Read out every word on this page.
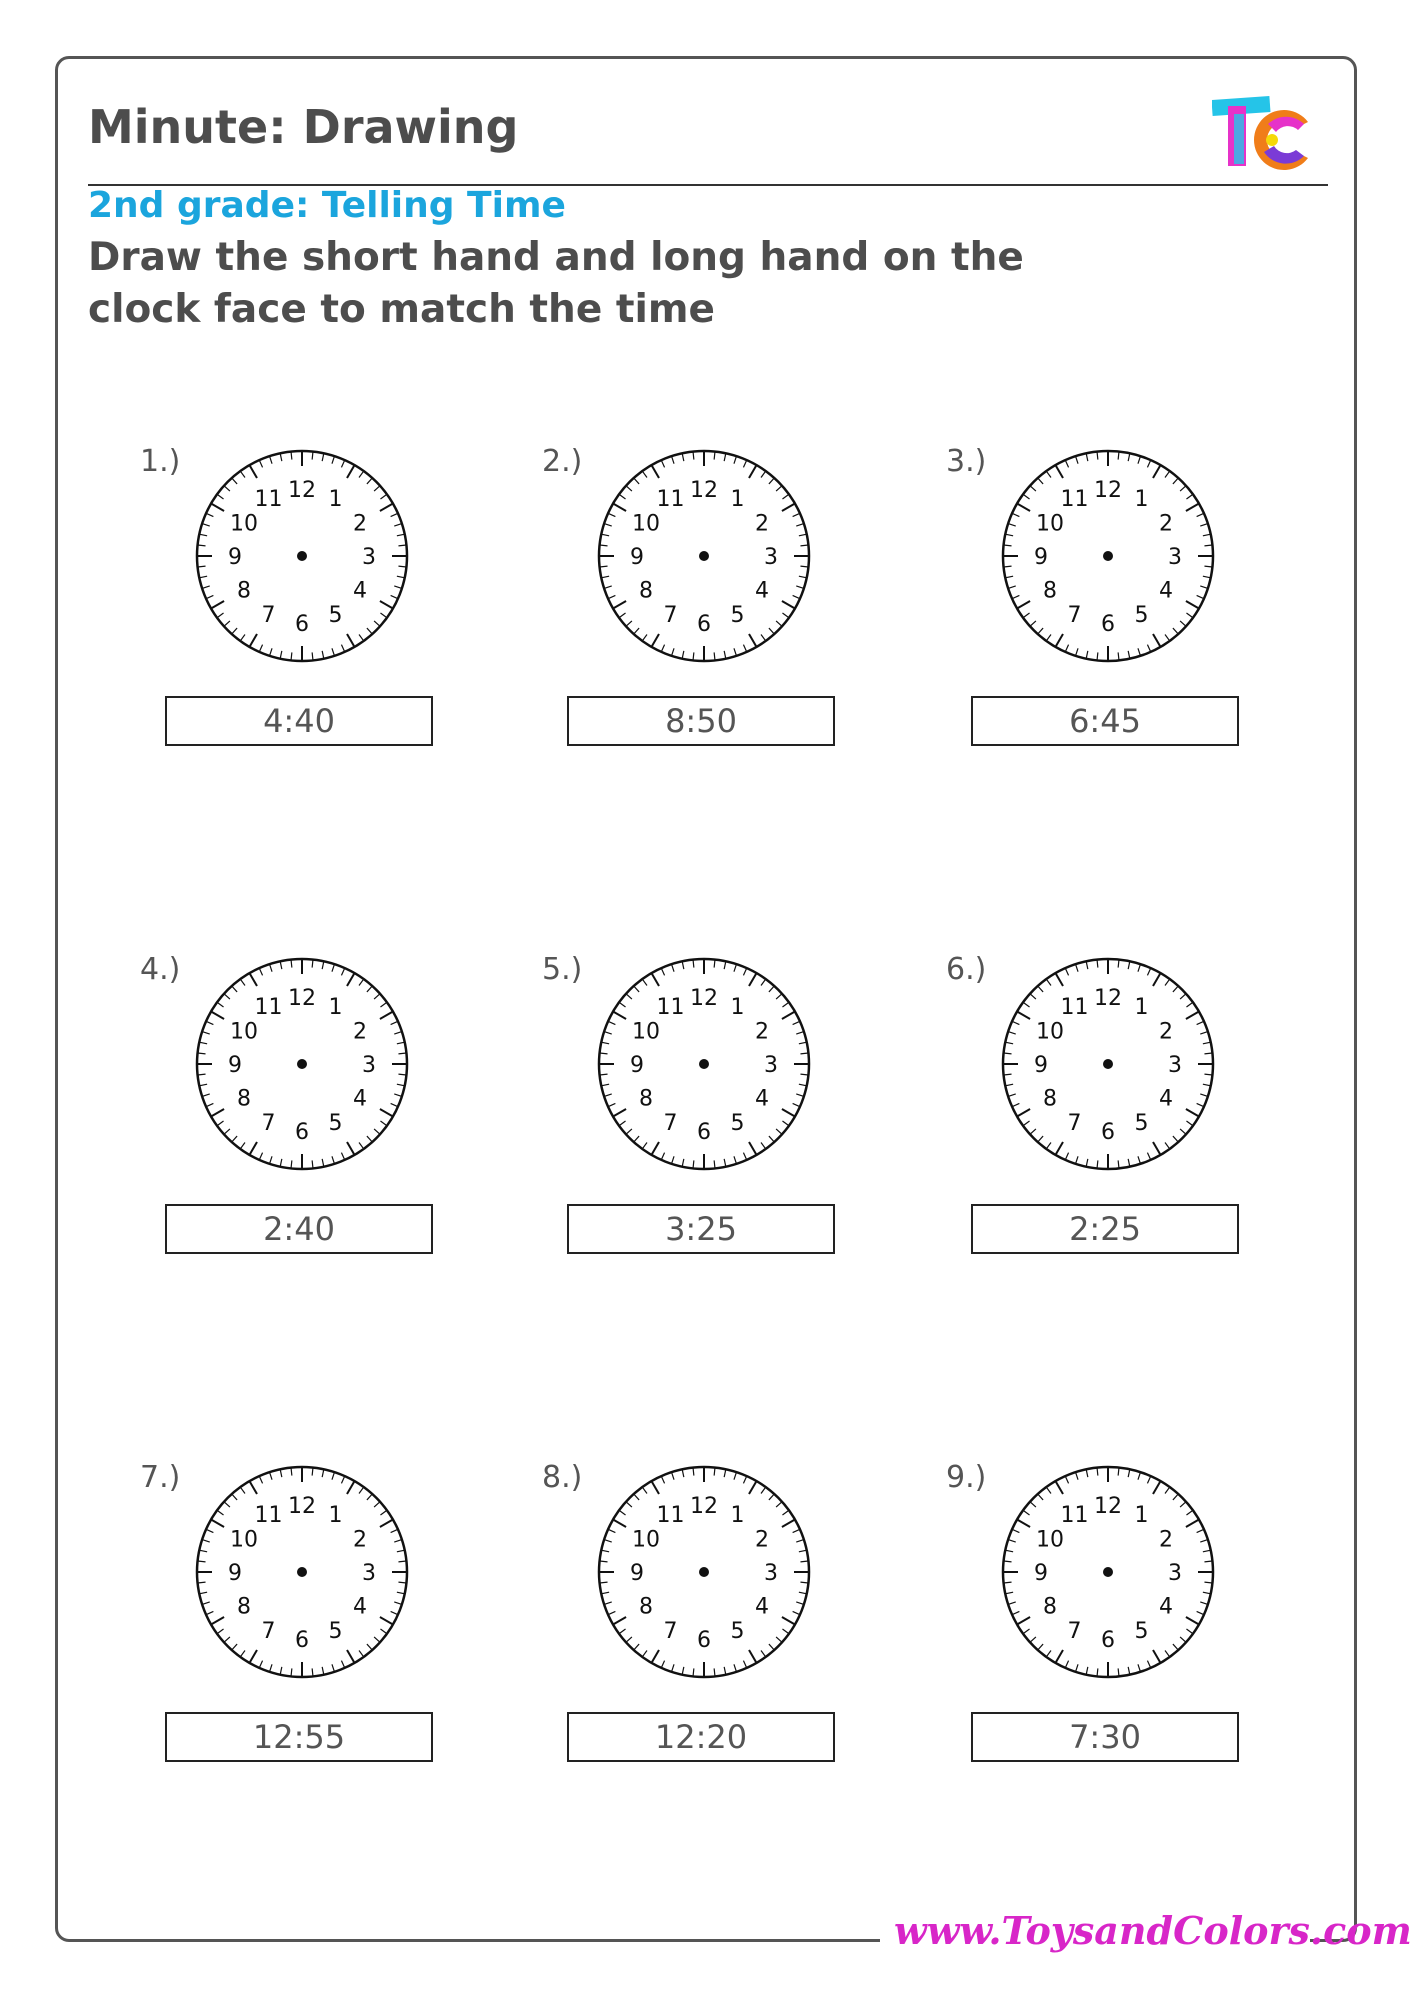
Minute: Drawing
2nd grade: Telling Time

Draw the short hand and long hand on the clock face to match the time

1.)
12 1
2
3
4
5
6
7
8
9
10
11
4:40
2.)
12 1
2
3
4
5
6
7
8
9
10
11
8:50
3.)
12 1
2
3
4
5
6
7
8
9
10
11
6:45
4.)
12 1
2
3
4
5
6
7
8
9
10
11
2:40
5.)
12 1
2
3
4
5
6
7
8
9
10
11
3:25
6.)
12 1
2
3
4
5
6
7
8
9
10
11
2:25
7.)
12 1
2
3
4
5
6
7
8
9
10
11
12:55
8.)
12 1
2
3
4
5
6
7
8
9
10
11
12:20
9.)
12 1
2
3
4
5
6
7
8
9
10
11
7:30
www.ToysandColors.com
